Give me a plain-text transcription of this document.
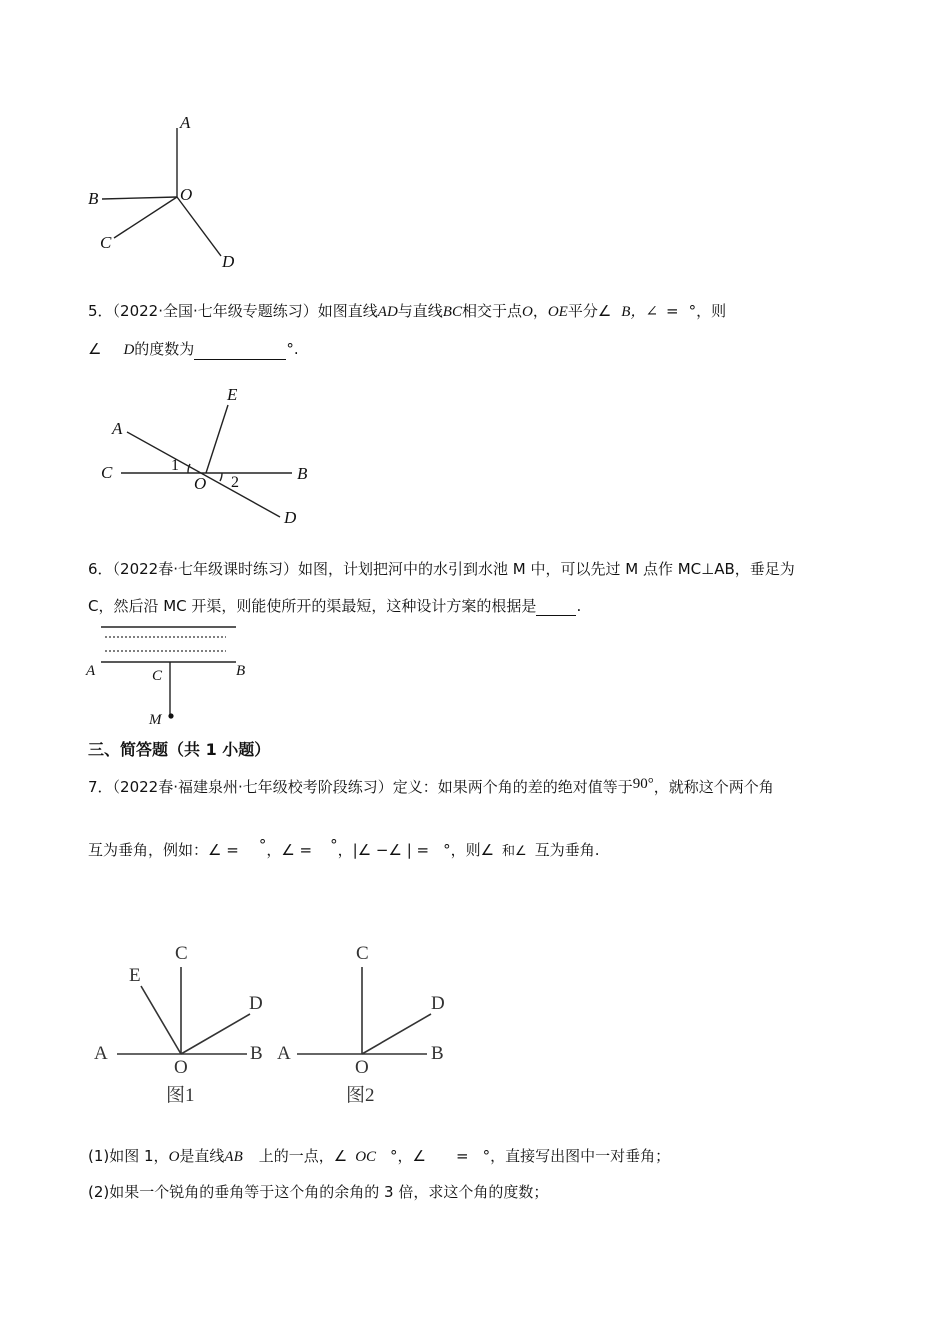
A
O
B
C
D
5．（2022·全国·七年级专题练习）如图直线AD与直线BC相交于点O，OE平分∠ B，∠ = °，则
∠ D的度数为	°.
A
E
C	1
O 2	B
D
6．（2022春·七年级课时练习）如图，计划把河中的水引到水池 M 中，可以先过 M 点作 MC⊥AB，垂足为
C，然后沿 MC 开渠，则能使所开的渠最短，这种设计方案的根据是	.
A	C	B
M
三、简答题（共 1 小题）
7．（2022春·福建泉州·七年级校考阶段练习）定义：如果两个角的差的绝对值等于90°，就称这个两个角
互为垂角，例如：∠ = °，∠ = °，|∠ −∠ | = °，则∠ 和∠ 互为垂角.
C
E
D
A	B
O
图1
C
D
A	B
O
图2
(1)如图 1，O是直线AB 上的一点，∠ OC °，∠ = °，直接写出图中一对垂角；
(2)如果一个锐角的垂角等于这个角的余角的 3 倍，求这个角的度数；
